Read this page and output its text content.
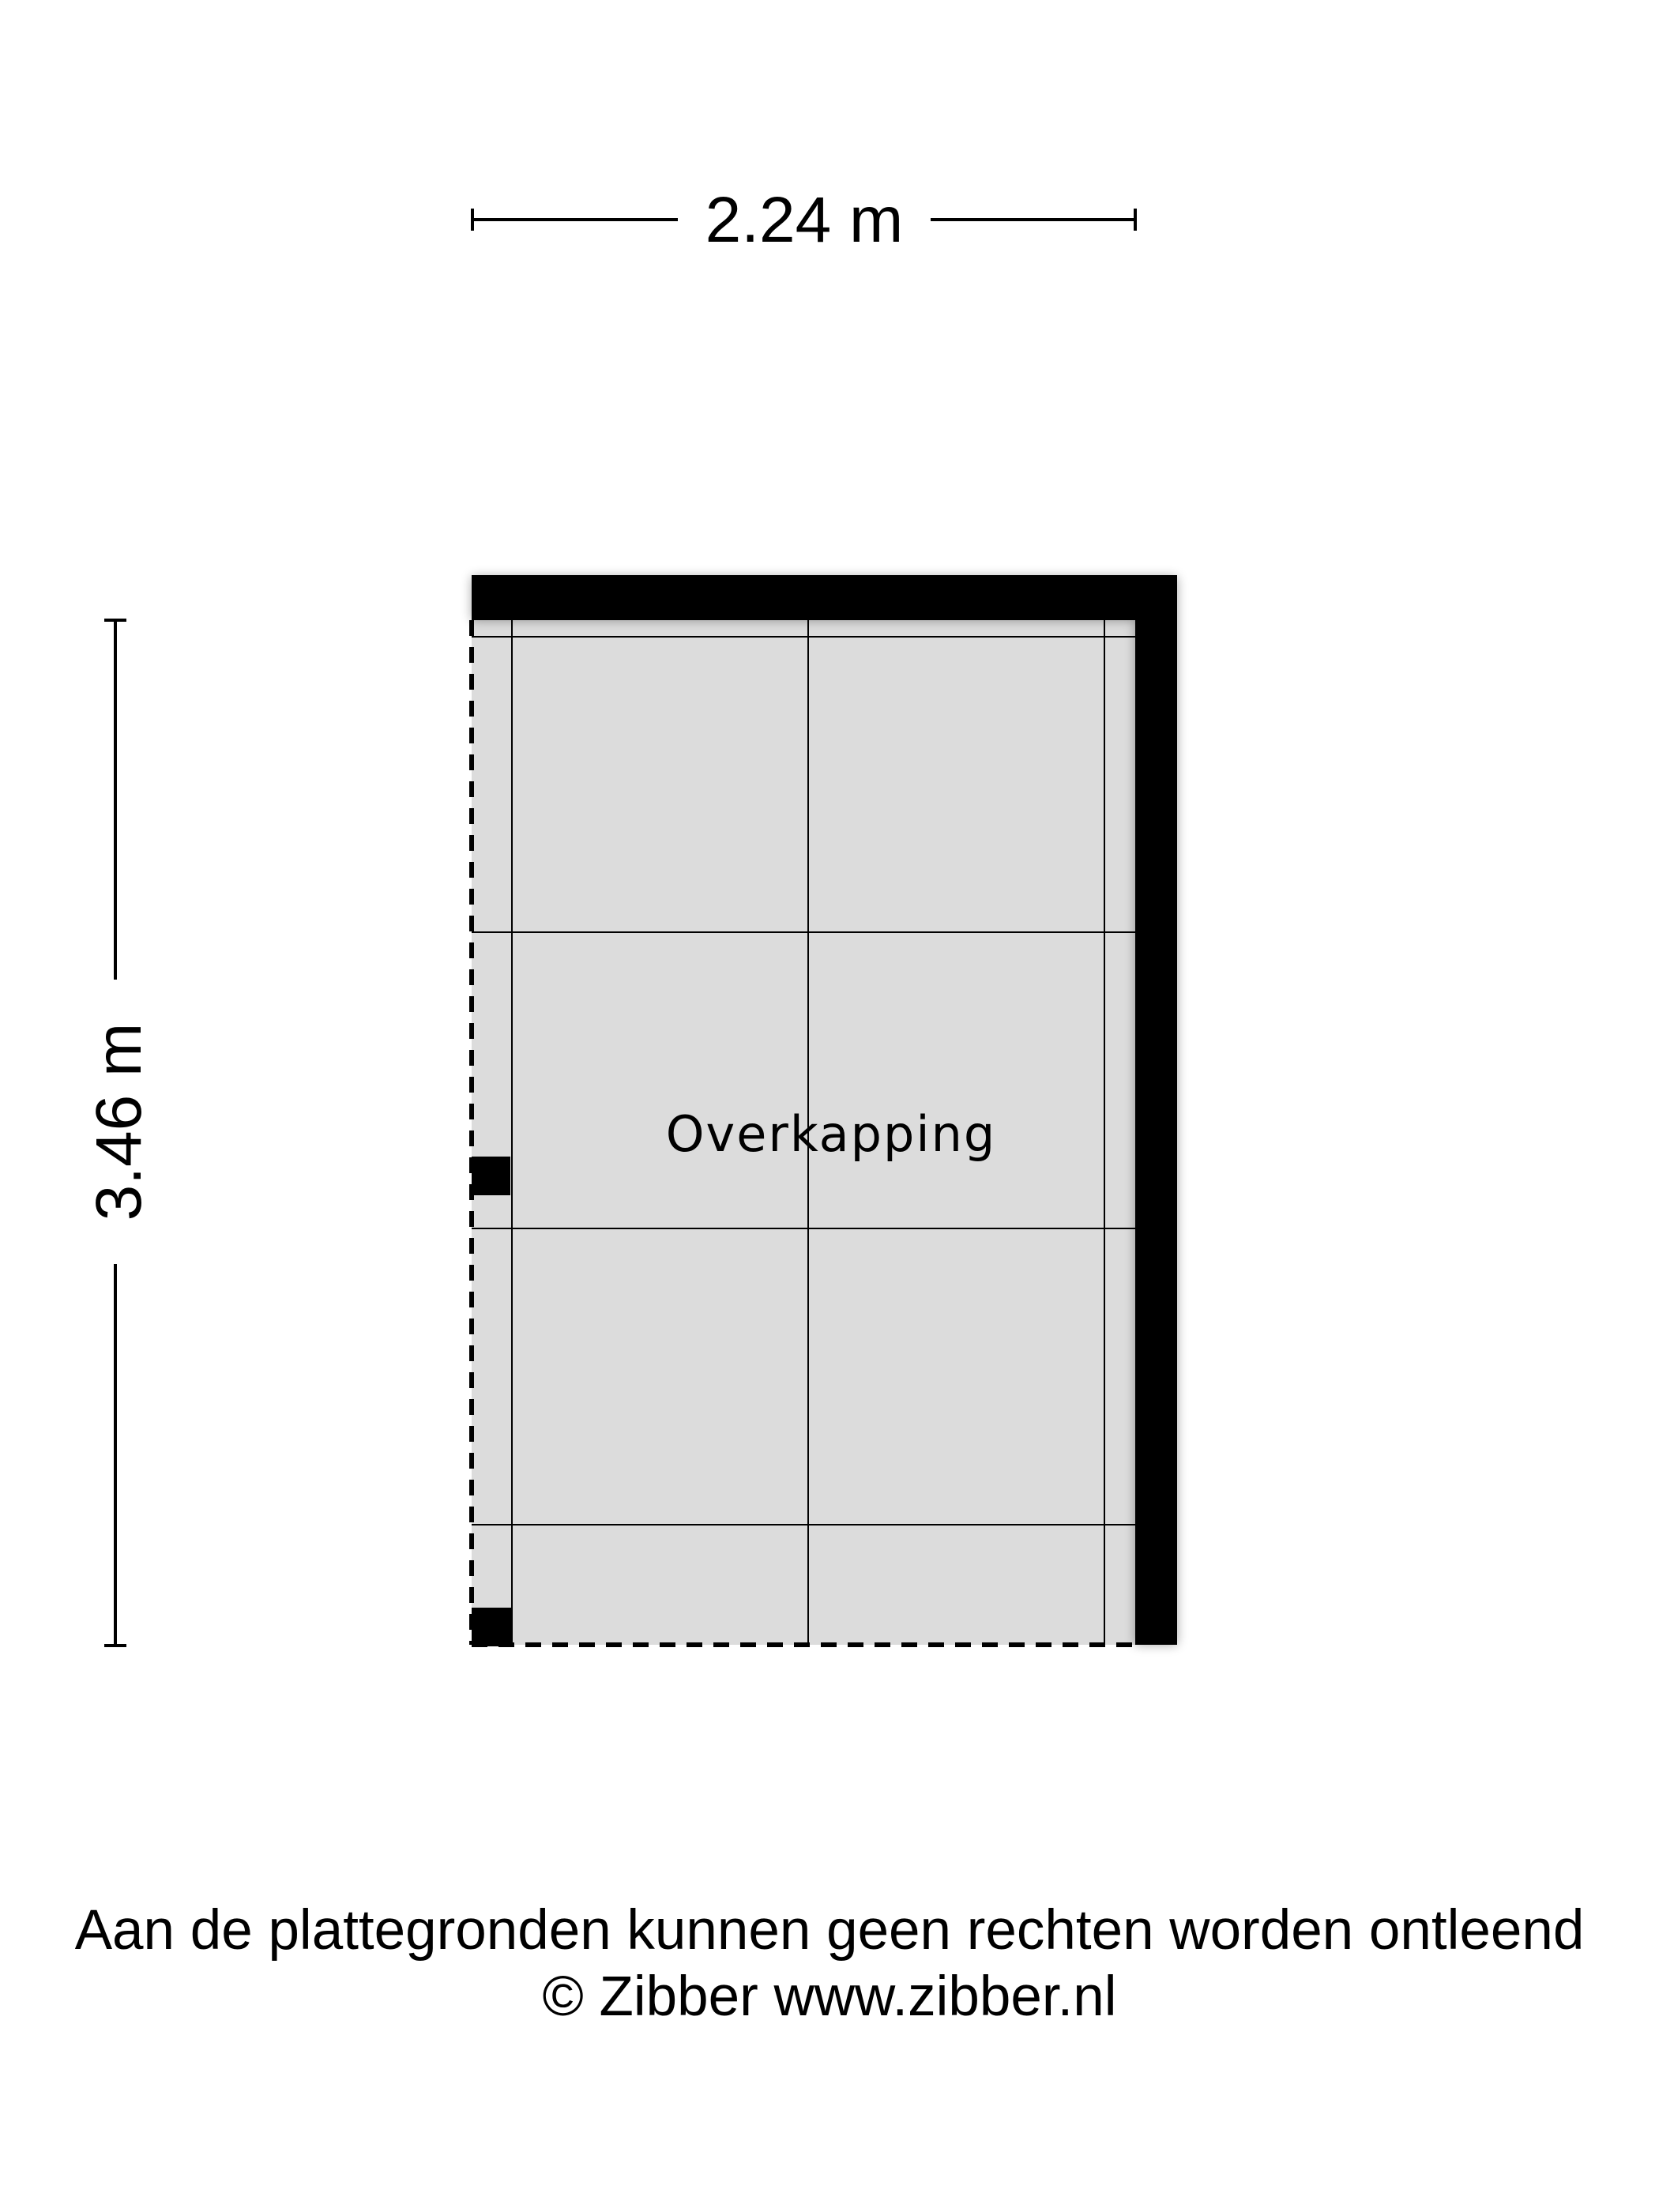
2.24 m
3.46 m	Overkapping
Aan de plattegronden kunnen geen rechten worden ontleend
© Zibber www.zibber.nl
